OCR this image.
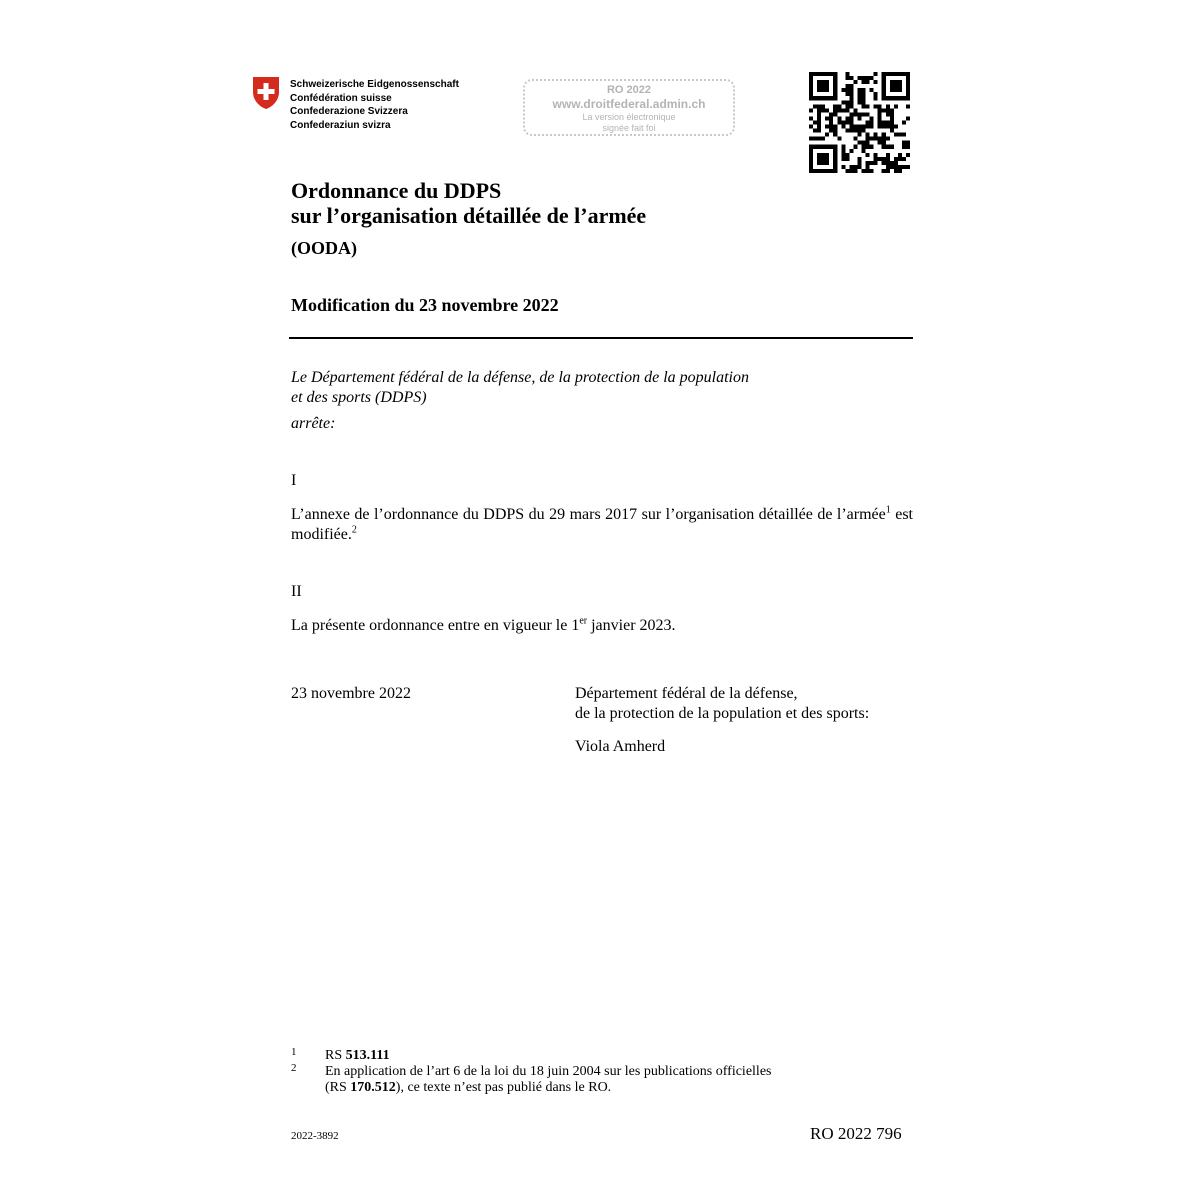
Schweizerische Eidgenossenschaft
Confédération suisse
Confederazione Svizzera
Confederaziun svizra
RO 2022
www.droitfederal.admin.ch
La version électronique
signée fait foi
Ordonnance du DDPS
sur l’organisation détaillée de l’armée
(OODA)
Modification du 23 novembre 2022
Le Département fédéral de la défense, de la protection de la population
et des sports (DDPS)
arrête:
I
L’annexe de l’ordonnance du DDPS du 29 mars 2017 sur l’organisation détaillée de l’armée$^1$ est modifiée.$^2$
II
La présente ordonnance entre en vigueur le 1er janvier 2023.
23 novembre 2022	Département fédéral de la défense,
de la protection de la population et des sports:
Viola Amherd
1 RS 513.111
2 En application de l’art 6 de la loi du 18 juin 2004 sur les publications officielles
(RS 170.512), ce texte n’est pas publié dans le RO.
2022-3892	RO 2022 796
